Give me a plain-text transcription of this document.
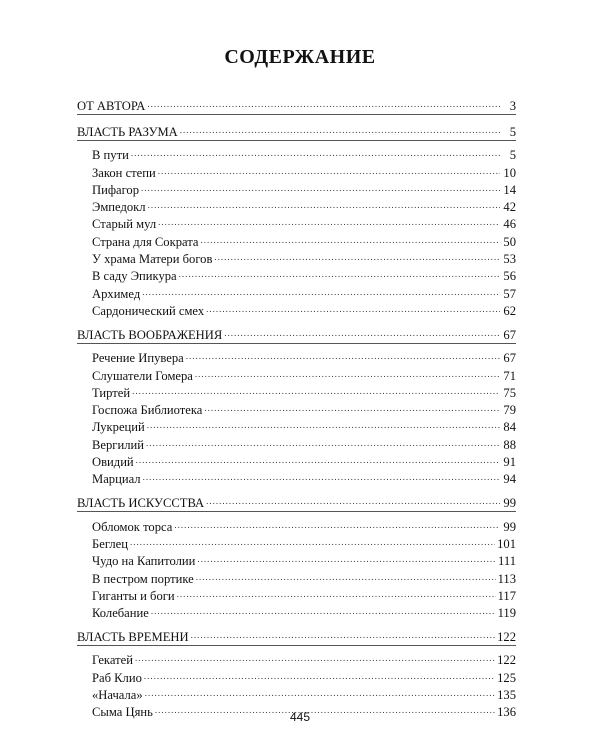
СОДЕРЖАНИЕ
ОТ АВТОРА .....	3
ВЛАСТЬ РАЗУМА .....	5
В пути .....	5
Закон степи .....	10
Пифагор .....	14
Эмпедокл .....	42
Старый мул .....	46
Страна для Сократа .....	50
У храма Матери богов .....	53
В саду Эпикура .....	56
Архимед .....	57
Сардонический смех .....	62
ВЛАСТЬ ВООБРАЖЕНИЯ .....	67
Речение Ипувера .....	67
Слушатели Гомера .....	71
Тиртей .....	75
Госпожа Библиотека .....	79
Лукреций .....	84
Вергилий .....	88
Овидий .....	91
Марциал .....	94
ВЛАСТЬ ИСКУССТВА .....	99
Обломок торса .....	99
Беглец .....	101
Чудо на Капитолии .....	111
В пестром портике .....	113
Гиганты и боги .....	117
Колебание .....	119
ВЛАСТЬ ВРЕМЕНИ .....	122
Гекатей .....	122
Раб Клио .....	125
«Начала» .....	135
Сыма Цянь .....	136
445
